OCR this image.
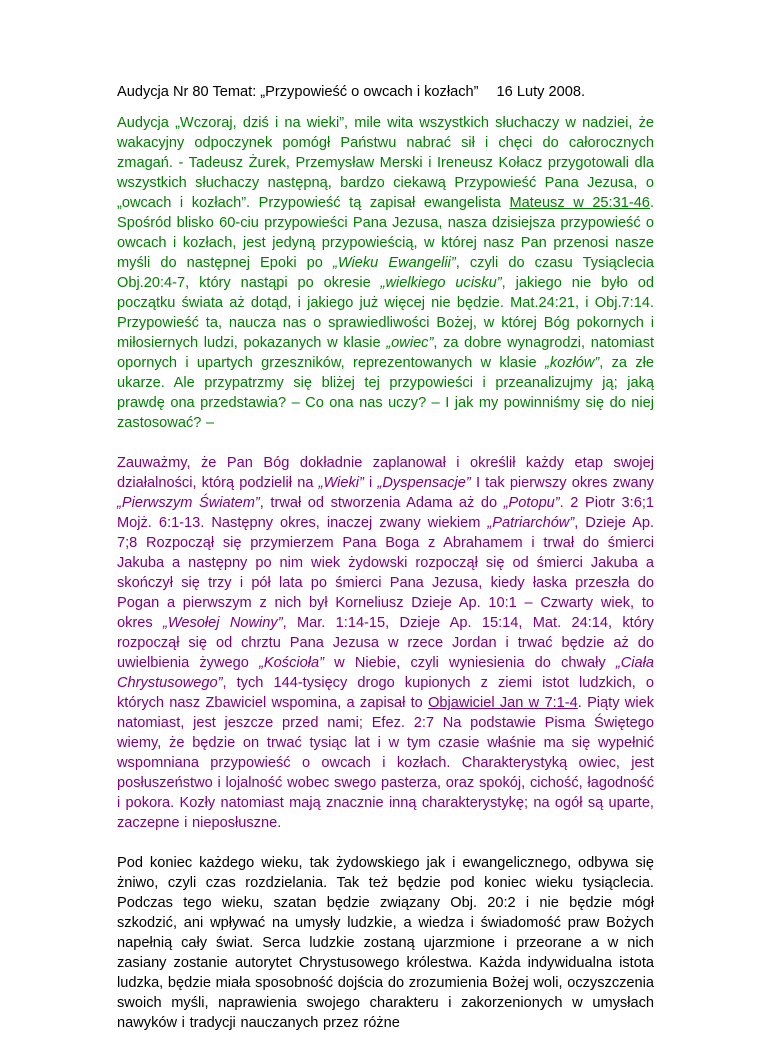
Audycja Nr 80 Temat: „Przypowieść o owcach i kozłach” 16 Luty 2008.

Audycja „Wczoraj, dziś i na wieki”, mile wita wszystkich słuchaczy w nadziei, że wakacyjny odpoczynek pomógł Państwu nabrać sił i chęci do całorocznych zmagań. - Tadeusz Żurek, Przemysław Merski i Ireneusz Kołacz przygotowali dla wszystkich słuchaczy następną, bardzo ciekawą Przypowieść Pana Jezusa, o „owcach i kozłach”. Przypowieść tą zapisał ewangelista Mateusz w 25:31-46. Spośród blisko 60-ciu przypowieści Pana Jezusa, nasza dzisiejsza przypowieść o owcach i kozłach, jest jedyną przypowieścią, w której nasz Pan przenosi nasze myśli do następnej Epoki po „Wieku Ewangelii”, czyli do czasu Tysiąclecia Obj.20:4-7, który nastąpi po okresie „wielkiego ucisku”, jakiego nie było od początku świata aż dotąd, i jakiego już więcej nie będzie. Mat.24:21, i Obj.7:14. Przypowieść ta, naucza nas o sprawiedliwości Bożej, w której Bóg pokornych i miłosiernych ludzi, pokazanych w klasie „owiec”, za dobre wynagrodzi, natomiast opornych i upartych grzeszników, reprezentowanych w klasie „kozłów”, za złe ukarze. Ale przypatrzmy się bliżej tej przypowieści i przeanalizujmy ją; jaką prawdę ona przedstawia? – Co ona nas uczy? – I jak my powinniśmy się do niej zastosować? –

Zauważmy, że Pan Bóg dokładnie zaplanował i określił każdy etap swojej działalności, którą podzielił na „Wieki” i „Dyspensacje” I tak pierwszy okres zwany „Pierwszym Światem”, trwał od stworzenia Adama aż do „Potopu”. 2 Piotr 3:6;1 Mojż. 6:1-13. Następny okres, inaczej zwany wiekiem „Patriarchów”, Dzieje Ap. 7;8 Rozpoczął się przymierzem Pana Boga z Abrahamem i trwał do śmierci Jakuba a następny po nim wiek żydowski rozpoczął się od śmierci Jakuba a skończył się trzy i pół lata po śmierci Pana Jezusa, kiedy łaska przeszła do Pogan a pierwszym z nich był Korneliusz Dzieje Ap. 10:1 – Czwarty wiek, to okres „Wesołej Nowiny”, Mar. 1:14-15, Dzieje Ap. 15:14, Mat. 24:14, który rozpoczął się od chrztu Pana Jezusa w rzece Jordan i trwać będzie aż do uwielbienia żywego „Kościoła” w Niebie, czyli wyniesienia do chwały „Ciała Chrystusowego”, tych 144-tysięcy drogo kupionych z ziemi istot ludzkich, o których nasz Zbawiciel wspomina, a zapisał to Objawiciel Jan w 7:1-4. Piąty wiek natomiast, jest jeszcze przed nami; Efez. 2:7 Na podstawie Pisma Świętego wiemy, że będzie on trwać tysiąc lat i w tym czasie właśnie ma się wypełnić wspomniana przypowieść o owcach i kozłach. Charakterystyką owiec, jest posłuszeństwo i lojalność wobec swego pasterza, oraz spokój, cichość, łagodność i pokora. Kozły natomiast mają znacznie inną charakterystykę; na ogół są uparte, zaczepne i nieposłuszne.

Pod koniec każdego wieku, tak żydowskiego jak i ewangelicznego, odbywa się żniwo, czyli czas rozdzielania. Tak też będzie pod koniec wieku tysiąclecia. Podczas tego wieku, szatan będzie związany Obj. 20:2 i nie będzie mógł szkodzić, ani wpływać na umysły ludzkie, a wiedza i świadomość praw Bożych napełnią cały świat. Serca ludzkie zostaną ujarzmione i przeorane a w nich zasiany zostanie autorytet Chrystusowego królestwa. Każda indywidualna istota ludzka, będzie miała sposobność dojścia do zrozumienia Bożej woli, oczyszczenia swoich myśli, naprawienia swojego charakteru i zakorzenionych w umysłach nawyków i tradycji nauczanych przez różne
